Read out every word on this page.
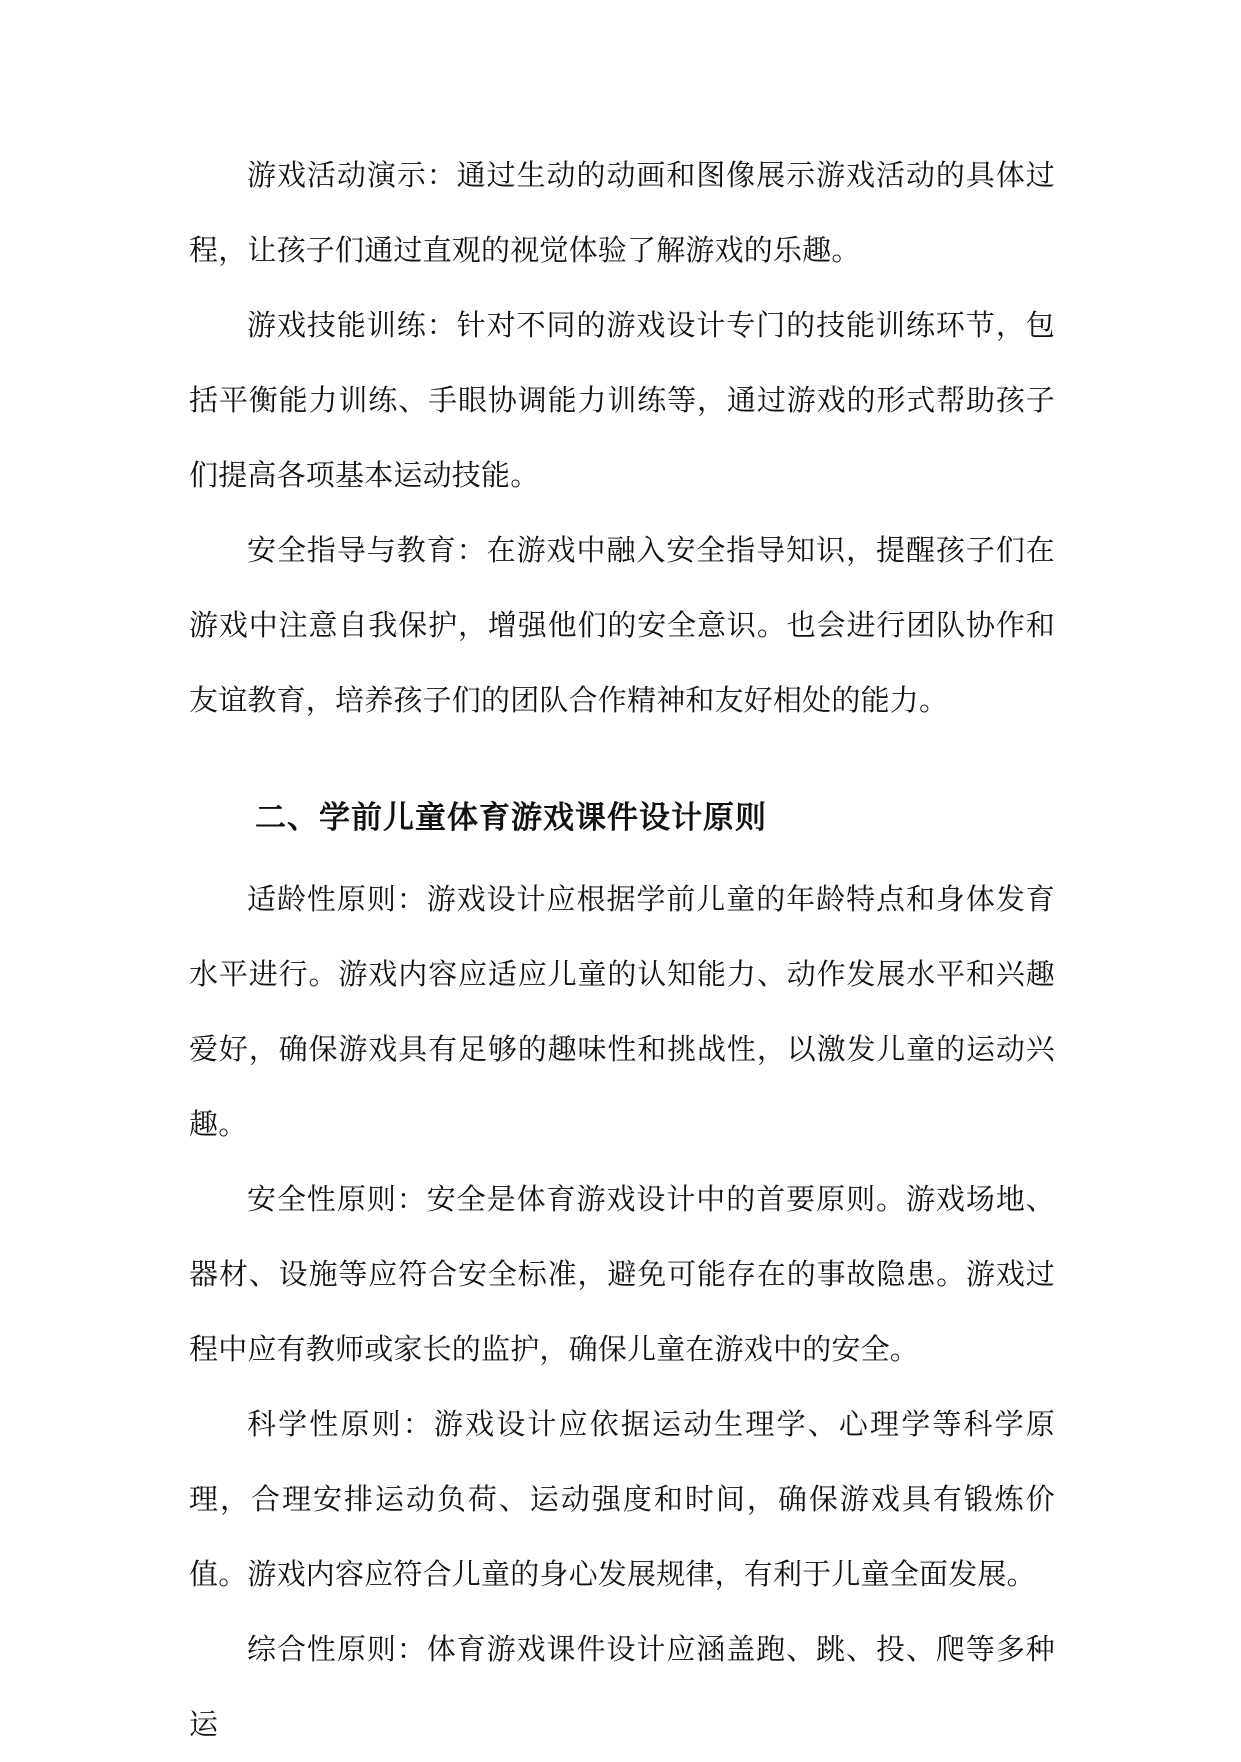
游戏活动演示：通过生动的动画和图像展示游戏活动的具体过程，让孩子们通过直观的视觉体验了解游戏的乐趣。

游戏技能训练：针对不同的游戏设计专门的技能训练环节，包括平衡能力训练、手眼协调能力训练等，通过游戏的形式帮助孩子们提高各项基本运动技能。

安全指导与教育：在游戏中融入安全指导知识，提醒孩子们在游戏中注意自我保护，增强他们的安全意识。也会进行团队协作和友谊教育，培养孩子们的团队合作精神和友好相处的能力。

二、学前儿童体育游戏课件设计原则

适龄性原则：游戏设计应根据学前儿童的年龄特点和身体发育水平进行。游戏内容应适应儿童的认知能力、动作发展水平和兴趣爱好，确保游戏具有足够的趣味性和挑战性，以激发儿童的运动兴趣。

安全性原则：安全是体育游戏设计中的首要原则。游戏场地、器材、设施等应符合安全标准，避免可能存在的事故隐患。游戏过程中应有教师或家长的监护，确保儿童在游戏中的安全。

科学性原则：游戏设计应依据运动生理学、心理学等科学原理，合理安排运动负荷、运动强度和时间，确保游戏具有锻炼价值。游戏内容应符合儿童的身心发展规律，有利于儿童全面发展。

综合性原则：体育游戏课件设计应涵盖跑、跳、投、爬等多种运
